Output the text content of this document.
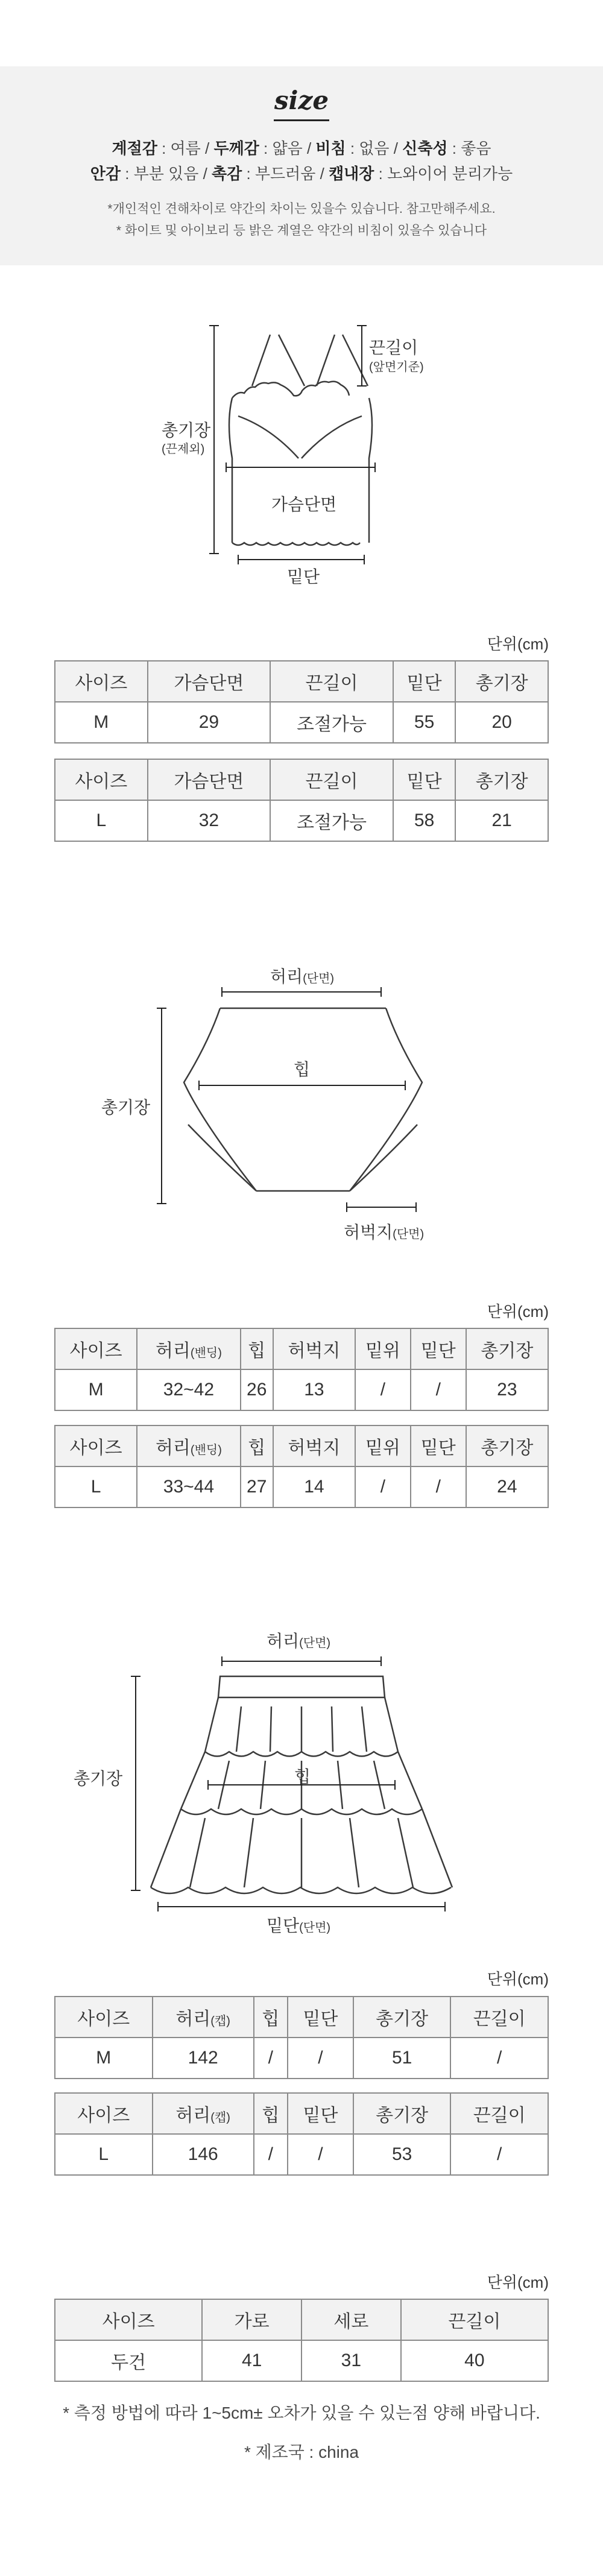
size
계절감 : 여름 / 두께감 : 얇음 / 비침 : 없음 / 신축성 : 좋음
안감 : 부분 있음 / 촉감 : 부드러움 / 캡내장 : 노와이어 분리가능
*개인적인 견해차이로 약간의 차이는 있을수 있습니다. 참고만해주세요.
* 화이트 및 아이보리 등 밝은 계열은 약간의 비침이 있을수 있습니다
총기장
(끈제외)
끈길이
(앞면기준)
가슴단면
밑단
단위(cm)
사이즈	가슴단면	끈길이	밑단	총기장
M	29	조절가능	55	20
사이즈	가슴단면	끈길이	밑단	총기장
L	32	조절가능	58	21
허리(단면)
힙
총기장
허벅지(단면)
단위(cm)
사이즈	허리(밴딩)	힙	허벅지	밑위	밑단	총기장
M	32~42	26	13	/	/	23
사이즈	허리(밴딩)	힙	허벅지	밑위	밑단	총기장
L	33~44	27	14	/	/	24
허리(단면)
힙
총기장
밑단(단면)
단위(cm)
사이즈	허리(캡)	힙	밑단	총기장	끈길이
M	142	/	/	51	/
사이즈	허리(캡)	힙	밑단	총기장	끈길이
L	146	/	/	53	/
단위(cm)
사이즈	가로	세로	끈길이
두건	41	31	40
* 측정 방법에 따라 1~5cm± 오차가 있을 수 있는점 양해 바랍니다.
* 제조국 : china
